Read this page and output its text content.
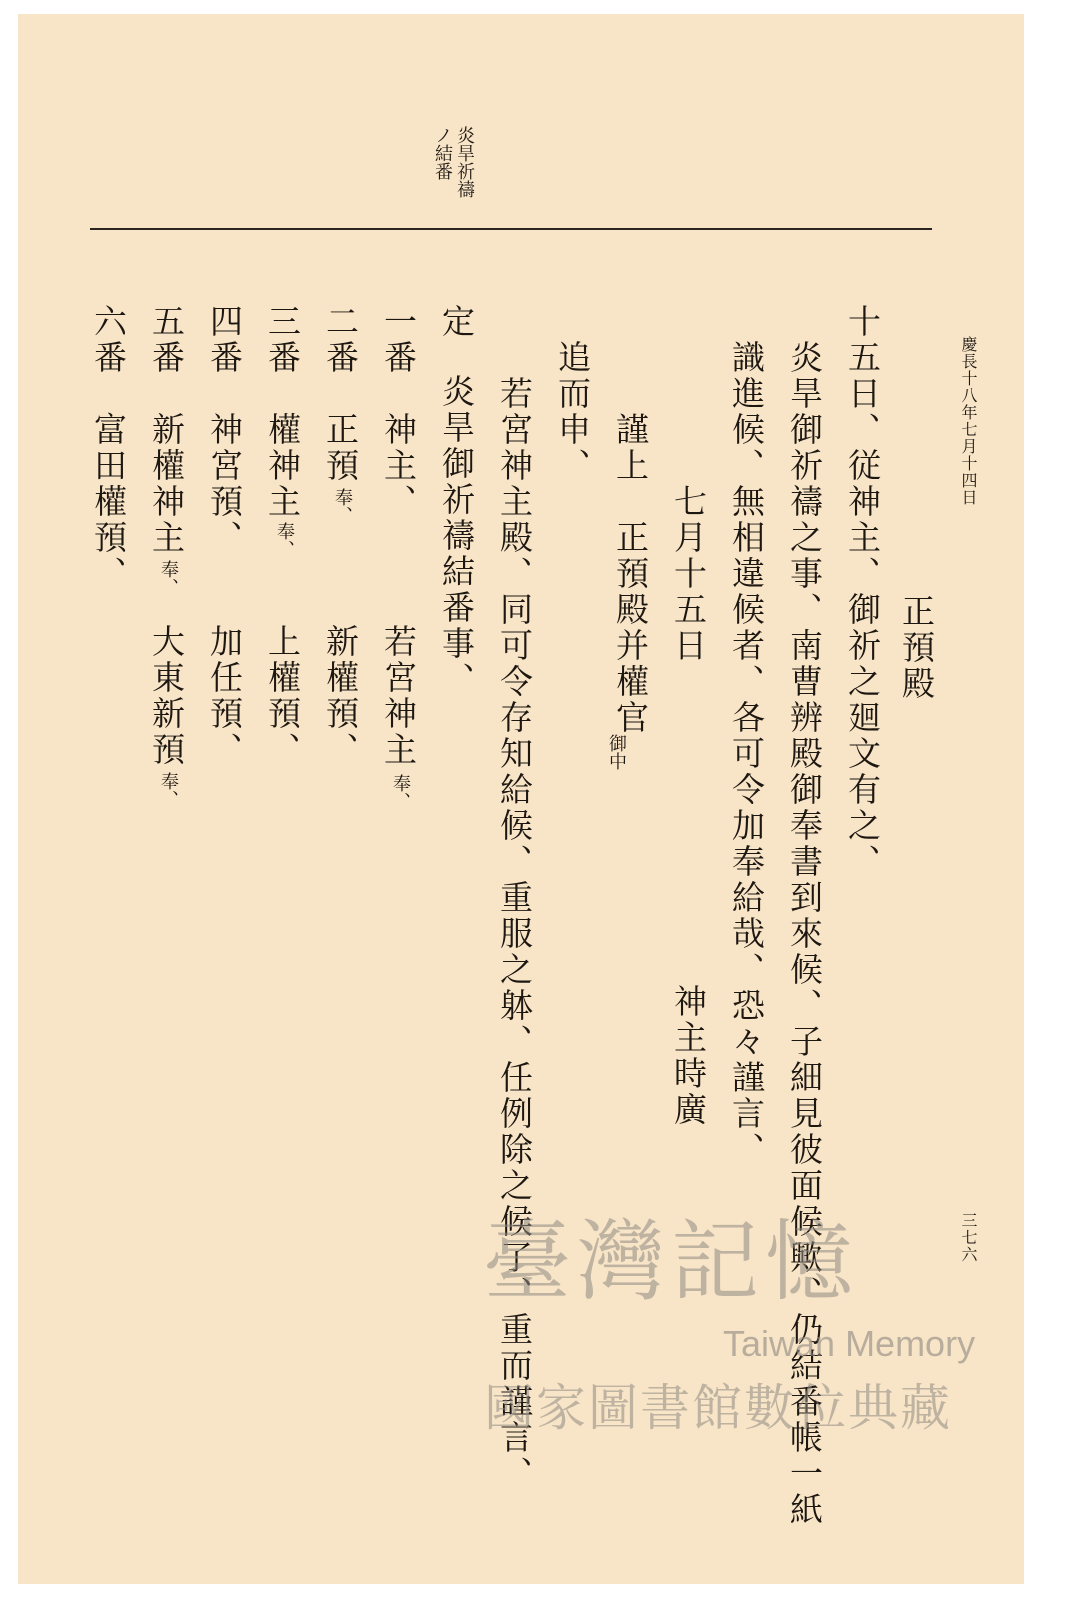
慶長十八年七月十四日
炎旱祈禱
ノ結番
十五日、従神主、御祈之廻文有之、 正預殿
炎旱御祈禱之事、南曹辨殿御奉書到來候、子細見彼面候歟、仍結番帳一紙
識進候、無相違候者、各可令加奉給哉、恐々謹言、
七月十五日
神主時廣
謹上　正預殿并權官
御中
追而申、
若宮神主殿、同可令存知給候、重服之躰、任例除之候了、重而謹言、
定
炎旱御祈禱結番事、
一番
神主、
若宮神主
奉、
二番
正預
奉、
新權預、
三番
權神主
奉、
上權預、
四番
神宮預、
加任預、
五番
新權神主
奉、
大東新預
奉、
六番
富田權預、
三七六
臺灣記憶
Taiwan Memory
國家圖書館數位典藏
